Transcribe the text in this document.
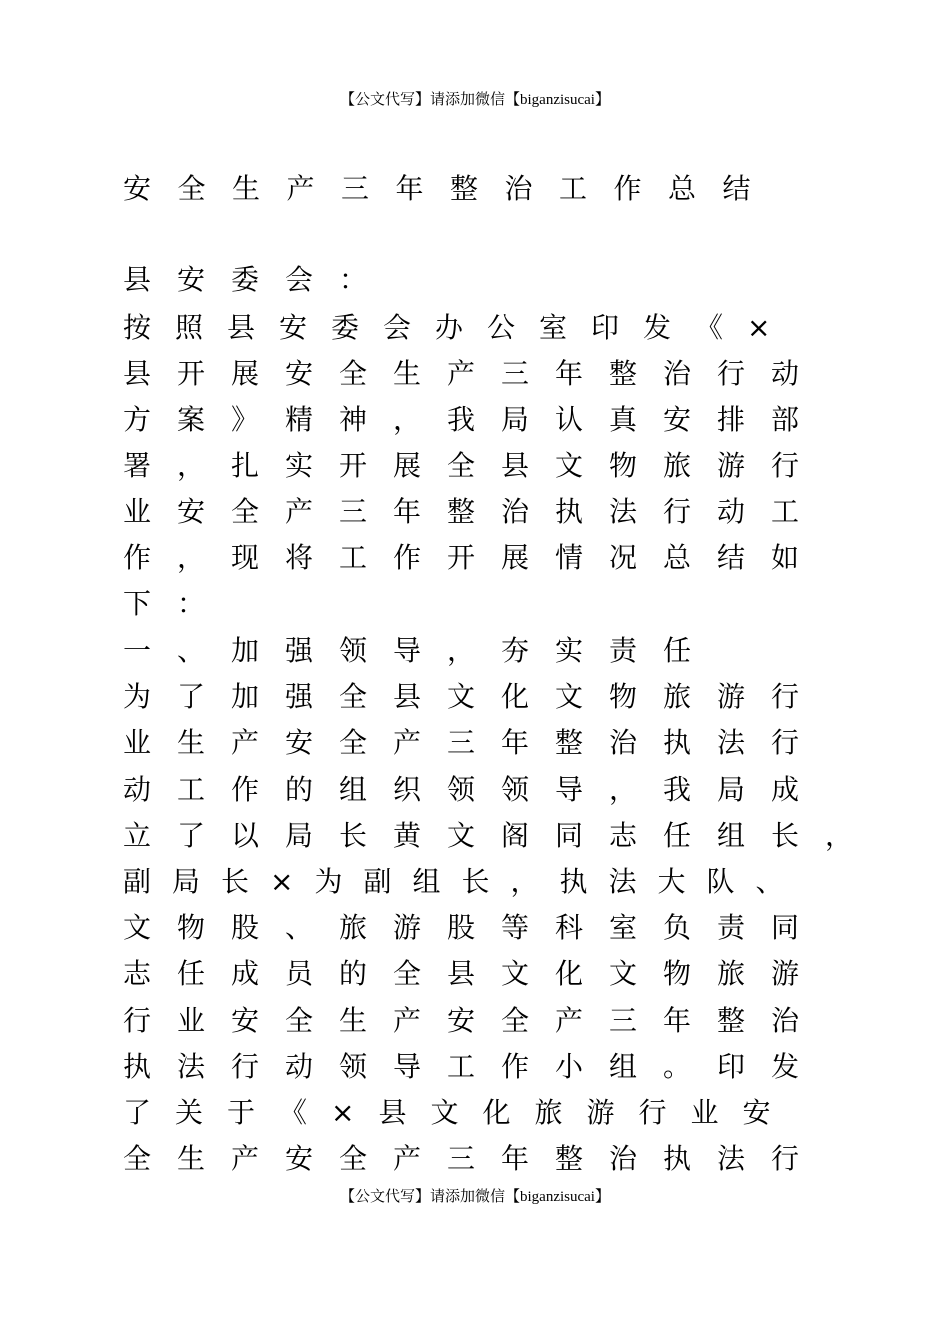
【公文代写】请添加微信【biganzisucai】
安全生产三年整治工作总结
县安委会：
按照县安委会办公室印发《×
县开展安全生产三年整治行动
方案》精神，我局认真安排部
署，扎实开展全县文物旅游行
业安全产三年整治执法行动工
作，现将工作开展情况总结如
下：
一、加强领导，夯实责任
为了加强全县文化文物旅游行
业生产安全产三年整治执法行
动工作的组织领领导，我局成
立了以局长黄文阁同志任组长，
副局长×为副组长，执法大队、
文物股、旅游股等科室负责同
志任成员的全县文化文物旅游
行业安全生产安全产三年整治
执法行动领导工作小组。印发
了关于《×县文化旅游行业安
全生产安全产三年整治执法行
【公文代写】请添加微信【biganzisucai】
